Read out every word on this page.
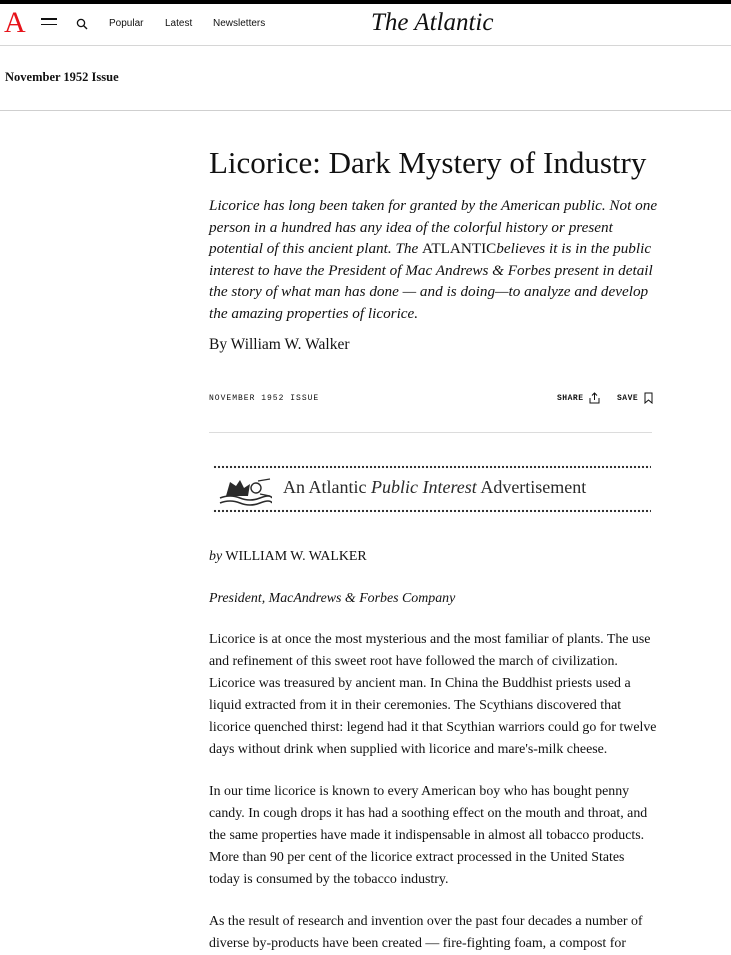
A	Popular Latest Newsletters	The Atlantic
November 1952 Issue
Licorice: Dark Mystery of Industry

Licorice has long been taken for granted by the American public. Not one person in a hundred has any idea of the colorful history or present potential of this ancient plant. The ATLANTICbelieves it is in the public interest to have the President of Mac Andrews & Forbes present in detail the story of what man has done — and is doing—to analyze and develop the amazing properties of licorice.

By William W. Walker

NOVEMBER 1952 ISSUE	SHARE	SAVE
An Atlantic Public Interest Advertisement

by WILLIAM W. WALKER

President, MacAndrews & Forbes Company

Licorice is at once the most mysterious and the most familiar of plants. The use and refinement of this sweet root have followed the march of civilization. Licorice was treasured by ancient man. In China the Buddhist priests used a liquid extracted from it in their ceremonies. The Scythians discovered that licorice quenched thirst: legend had it that Scythian warriors could go for twelve days without drink when supplied with licorice and mare's-milk cheese.

In our time licorice is known to every American boy who has bought penny candy. In cough drops it has had a soothing effect on the mouth and throat, and the same properties have made it indispensable in almost all tobacco products. More than 90 per cent of the licorice extract processed in the United States today is consumed by the tobacco industry.

As the result of research and invention over the past four decades a number of diverse by-products have been created — fire-fighting foam, a compost for
